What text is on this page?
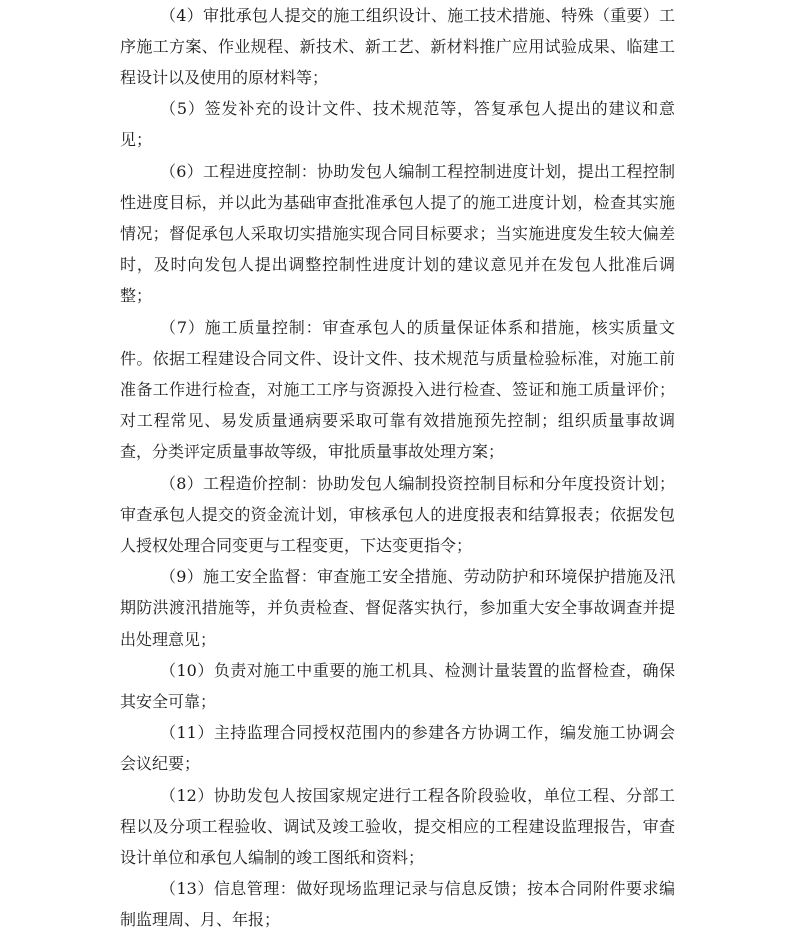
（4）审批承包人提交的施工组织设计、施工技术措施、特殊（重要）工序施工方案、作业规程、新技术、新工艺、新材料推广应用试验成果、临建工程设计以及使用的原材料等；

（5）签发补充的设计文件、技术规范等，答复承包人提出的建议和意见；

（6）工程进度控制：协助发包人编制工程控制进度计划，提出工程控制性进度目标，并以此为基础审查批准承包人提了的施工进度计划，检查其实施情况；督促承包人采取切实措施实现合同目标要求；当实施进度发生较大偏差时，及时向发包人提出调整控制性进度计划的建议意见并在发包人批准后调整；

（7）施工质量控制：审查承包人的质量保证体系和措施，核实质量文件。依据工程建设合同文件、设计文件、技术规范与质量检验标准，对施工前准备工作进行检查，对施工工序与资源投入进行检查、签证和施工质量评价；对工程常见、易发质量通病要采取可靠有效措施预先控制；组织质量事故调查，分类评定质量事故等级，审批质量事故处理方案；

（8）工程造价控制：协助发包人编制投资控制目标和分年度投资计划；审查承包人提交的资金流计划，审核承包人的进度报表和结算报表；依据发包人授权处理合同变更与工程变更，下达变更指令；

（9）施工安全监督：审查施工安全措施、劳动防护和环境保护措施及汛期防洪渡汛措施等，并负责检查、督促落实执行，参加重大安全事故调查并提出处理意见；

（10）负责对施工中重要的施工机具、检测计量装置的监督检查，确保其安全可靠；

（11）主持监理合同授权范围内的参建各方协调工作，编发施工协调会会议纪要；

（12）协助发包人按国家规定进行工程各阶段验收，单位工程、分部工程以及分项工程验收、调试及竣工验收，提交相应的工程建设监理报告，审查设计单位和承包人编制的竣工图纸和资料；

（13）信息管理：做好现场监理记录与信息反馈；按本合同附件要求编制监理周、月、年报；
